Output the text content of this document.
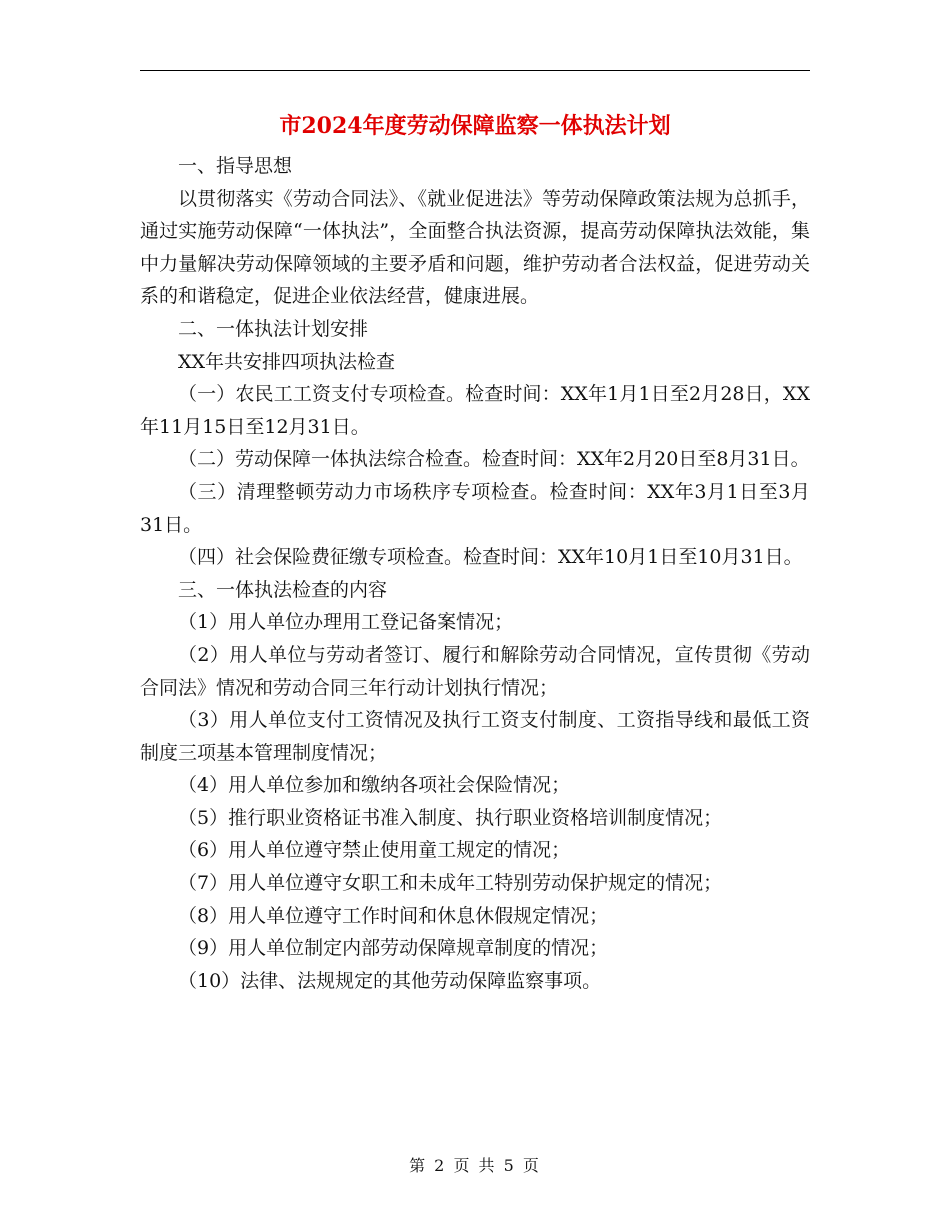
市2024年度劳动保障监察一体执法计划

一、指导思想

以贯彻落实《劳动合同法》、《就业促进法》等劳动保障政策法规为总抓手，通过实施劳动保障“一体执法”，全面整合执法资源，提高劳动保障执法效能，集中力量解决劳动保障领域的主要矛盾和问题，维护劳动者合法权益，促进劳动关系的和谐稳定，促进企业依法经营，健康进展。

二、一体执法计划安排

XX年共安排四项执法检查

（一）农民工工资支付专项检查。检查时间：XX年1月1日至2月28日，XX年11月15日至12月31日。

（二）劳动保障一体执法综合检查。检查时间：XX年2月20日至8月31日。

（三）清理整顿劳动力市场秩序专项检查。检查时间：XX年3月1日至3月31日。

（四）社会保险费征缴专项检查。检查时间：XX年10月1日至10月31日。

三、一体执法检查的内容

（1）用人单位办理用工登记备案情况；

（2）用人单位与劳动者签订、履行和解除劳动合同情况，宣传贯彻《劳动合同法》情况和劳动合同三年行动计划执行情况；

（3）用人单位支付工资情况及执行工资支付制度、工资指导线和最低工资制度三项基本管理制度情况；

（4）用人单位参加和缴纳各项社会保险情况；

（5）推行职业资格证书准入制度、执行职业资格培训制度情况；

（6）用人单位遵守禁止使用童工规定的情况；

（7）用人单位遵守女职工和未成年工特别劳动保护规定的情况；

（8）用人单位遵守工作时间和休息休假规定情况；

（9）用人单位制定内部劳动保障规章制度的情况；

（10）法律、法规规定的其他劳动保障监察事项。

第 2 页 共 5 页
